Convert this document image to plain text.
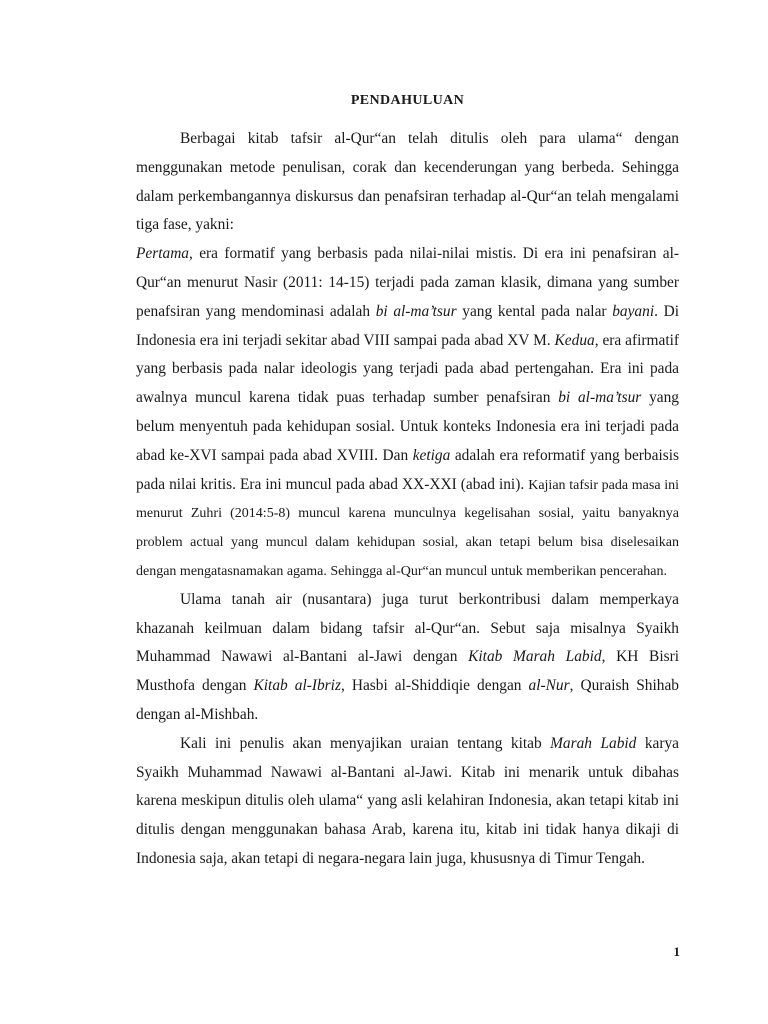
PENDAHULUAN

Berbagai kitab tafsir al-Qur“an telah ditulis oleh para ulama“ dengan menggunakan metode penulisan, corak dan kecenderungan yang berbeda. Sehingga dalam perkembangannya diskursus dan penafsiran terhadap al-Qur“an telah mengalami tiga fase, yakni:

Pertama, era formatif yang berbasis pada nilai-nilai mistis. Di era ini penafsiran al-Qur“an menurut Nasir (2011: 14-15) terjadi pada zaman klasik, dimana yang sumber penafsiran yang mendominasi adalah bi al-ma’tsur yang kental pada nalar bayani. Di Indonesia era ini terjadi sekitar abad VIII sampai pada abad XV M. Kedua, era afirmatif yang berbasis pada nalar ideologis yang terjadi pada abad pertengahan. Era ini pada awalnya muncul karena tidak puas terhadap sumber penafsiran bi al-ma’tsur yang belum menyentuh pada kehidupan sosial. Untuk konteks Indonesia era ini terjadi pada abad ke-XVI sampai pada abad XVIII. Dan ketiga adalah era reformatif yang berbaisis pada nilai kritis. Era ini muncul pada abad XX-XXI (abad ini). Kajian tafsir pada masa ini menurut Zuhri (2014:5-8) muncul karena munculnya kegelisahan sosial, yaitu banyaknya problem actual yang muncul dalam kehidupan sosial, akan tetapi belum bisa diselesaikan dengan mengatasnamakan agama. Sehingga al-Qur“an muncul untuk memberikan pencerahan.

Ulama tanah air (nusantara) juga turut berkontribusi dalam memperkaya khazanah keilmuan dalam bidang tafsir al-Qur“an. Sebut saja misalnya Syaikh Muhammad Nawawi al-Bantani al-Jawi dengan Kitab Marah Labid, KH Bisri Musthofa dengan Kitab al-Ibriz, Hasbi al-Shiddiqie dengan al-Nur, Quraish Shihab dengan al-Mishbah.

Kali ini penulis akan menyajikan uraian tentang kitab Marah Labid karya Syaikh Muhammad Nawawi al-Bantani al-Jawi. Kitab ini menarik untuk dibahas karena meskipun ditulis oleh ulama“ yang asli kelahiran Indonesia, akan tetapi kitab ini ditulis dengan menggunakan bahasa Arab, karena itu, kitab ini tidak hanya dikaji di Indonesia saja, akan tetapi di negara-negara lain juga, khususnya di Timur Tengah.

1
